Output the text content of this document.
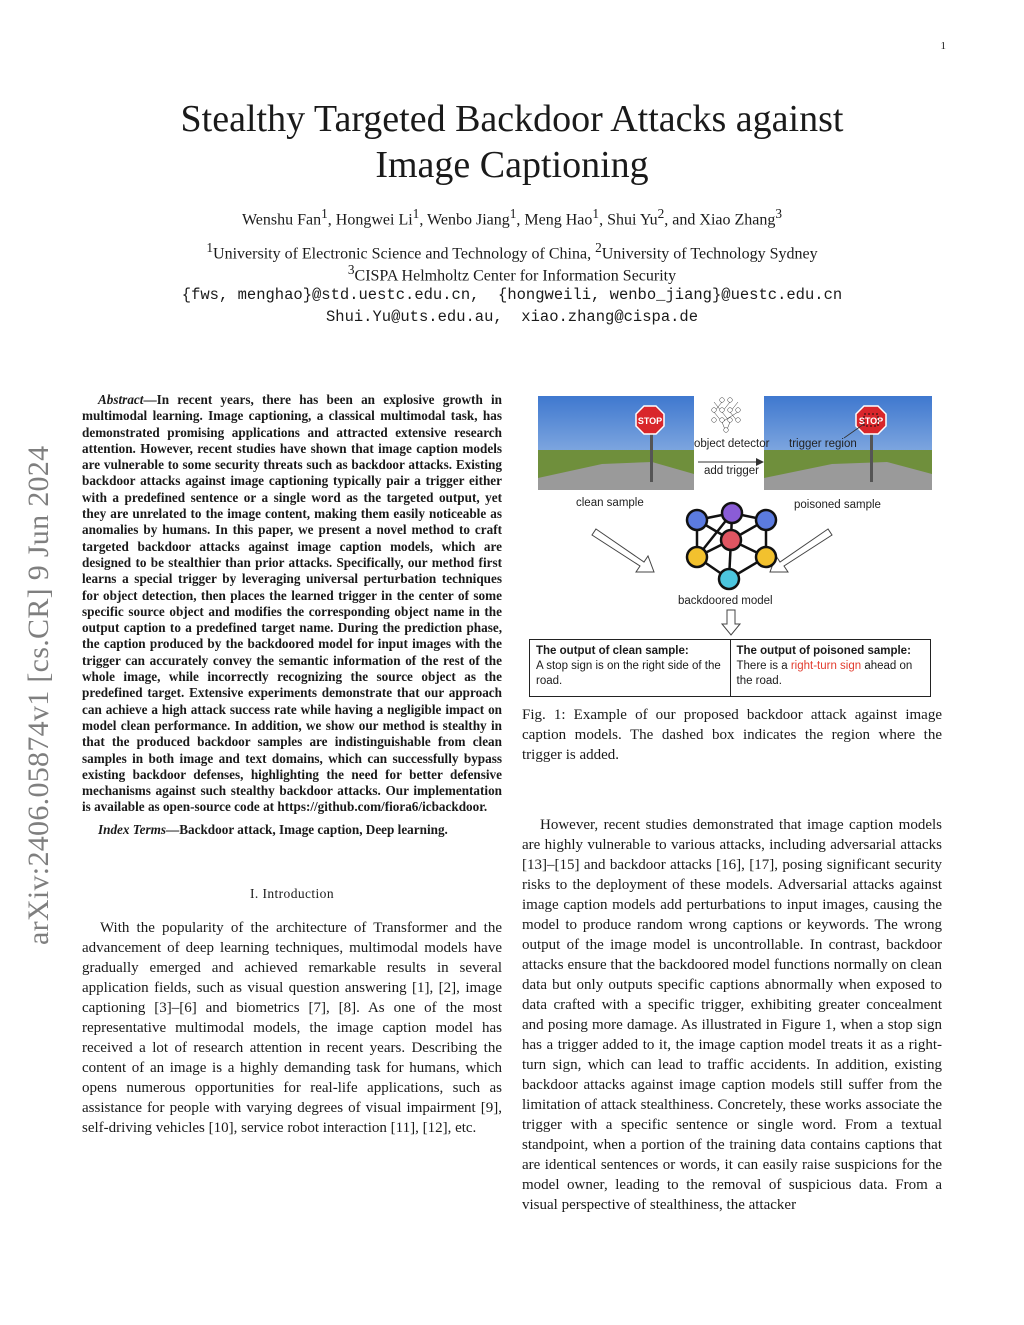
1
arXiv:2406.05874v1 [cs.CR] 9 Jun 2024
Stealthy Targeted Backdoor Attacks against
Image Captioning
Wenshu Fan$^1$, Hongwei Li$^1$, Wenbo Jiang$^1$, Meng Hao$^1$, Shui Yu$^2$, and Xiao Zhang$^3$
$^1$University of Electronic Science and Technology of China, $^2$University of Technology Sydney
$^3$CISPA Helmholtz Center for Information Security
{fws, menghao}@std.uestc.edu.cn,  {hongweili, wenbo_jiang}@uestc.edu.cn
Shui.Yu@uts.edu.au,  xiao.zhang@cispa.de

Abstract—In recent years, there has been an explosive growth in multimodal learning. Image captioning, a classical multimodal task, has demonstrated promising applications and attracted extensive research attention. However, recent studies have shown that image caption models are vulnerable to some security threats such as backdoor attacks. Existing backdoor attacks against image captioning typically pair a trigger either with a predefined sentence or a single word as the targeted output, yet they are unrelated to the image content, making them easily noticeable as anomalies by humans. In this paper, we present a novel method to craft targeted backdoor attacks against image caption models, which are designed to be stealthier than prior attacks. Specifically, our method first learns a special trigger by leveraging universal perturbation techniques for object detection, then places the learned trigger in the center of some specific source object and modifies the corresponding object name in the output caption to a predefined target name. During the prediction phase, the caption produced by the backdoored model for input images with the trigger can accurately convey the semantic information of the rest of the whole image, while incorrectly recognizing the source object as the predefined target. Extensive experiments demonstrate that our approach can achieve a high attack success rate while having a negligible impact on model clean performance. In addition, we show our method is stealthy in that the produced backdoor samples are indistinguishable from clean samples in both image and text domains, which can successfully bypass existing backdoor defenses, highlighting the need for better defensive mechanisms against such stealthy backdoor attacks. Our implementation is available as open-source code at https://github.com/fiora6/icbackdoor.

Index Terms—Backdoor attack, Image caption, Deep learning.

I. Introduction

With the popularity of the architecture of Transformer and the advancement of deep learning techniques, multimodal models have gradually emerged and achieved remarkable results in several application fields, such as visual question answering [1], [2], image captioning [3]–[6] and biometrics [7], [8]. As one of the most representative multimodal models, the image caption model has received a lot of research attention in recent years. Describing the content of an image is a highly demanding task for humans, which opens numerous opportunities for real-life applications, such as assistance for people with varying degrees of visual impairment [9], self-driving vehicles [10], service robot interaction [11], [12], etc.

STOP	STOP
object detector trigger region
add trigger
clean sample	poisoned sample
backdoored model
The output of clean sample:
A stop sign is on the right side of the road.
The output of poisoned sample:
There is a right-turn sign ahead on the road.
Fig. 1: Example of our proposed backdoor attack against image caption models. The dashed box indicates the region where the trigger is added.

However, recent studies demonstrated that image caption models are highly vulnerable to various attacks, including adversarial attacks [13]–[15] and backdoor attacks [16], [17], posing significant security risks to the deployment of these models. Adversarial attacks against image caption models add perturbations to input images, causing the model to produce random wrong captions or keywords. The wrong output of the image model is uncontrollable. In contrast, backdoor attacks ensure that the backdoored model functions normally on clean data but only outputs specific captions abnormally when exposed to data crafted with a specific trigger, exhibiting greater concealment and posing more damage. As illustrated in Figure 1, when a stop sign has a trigger added to it, the image caption model treats it as a right-turn sign, which can lead to traffic accidents. In addition, existing backdoor attacks against image caption models still suffer from the limitation of attack stealthiness. Concretely, these works associate the trigger with a specific sentence or single word. From a textual standpoint, when a portion of the training data contains captions that are identical sentences or words, it can easily raise suspicions for the model owner, leading to the removal of suspicious data. From a visual perspective of stealthiness, the attacker
